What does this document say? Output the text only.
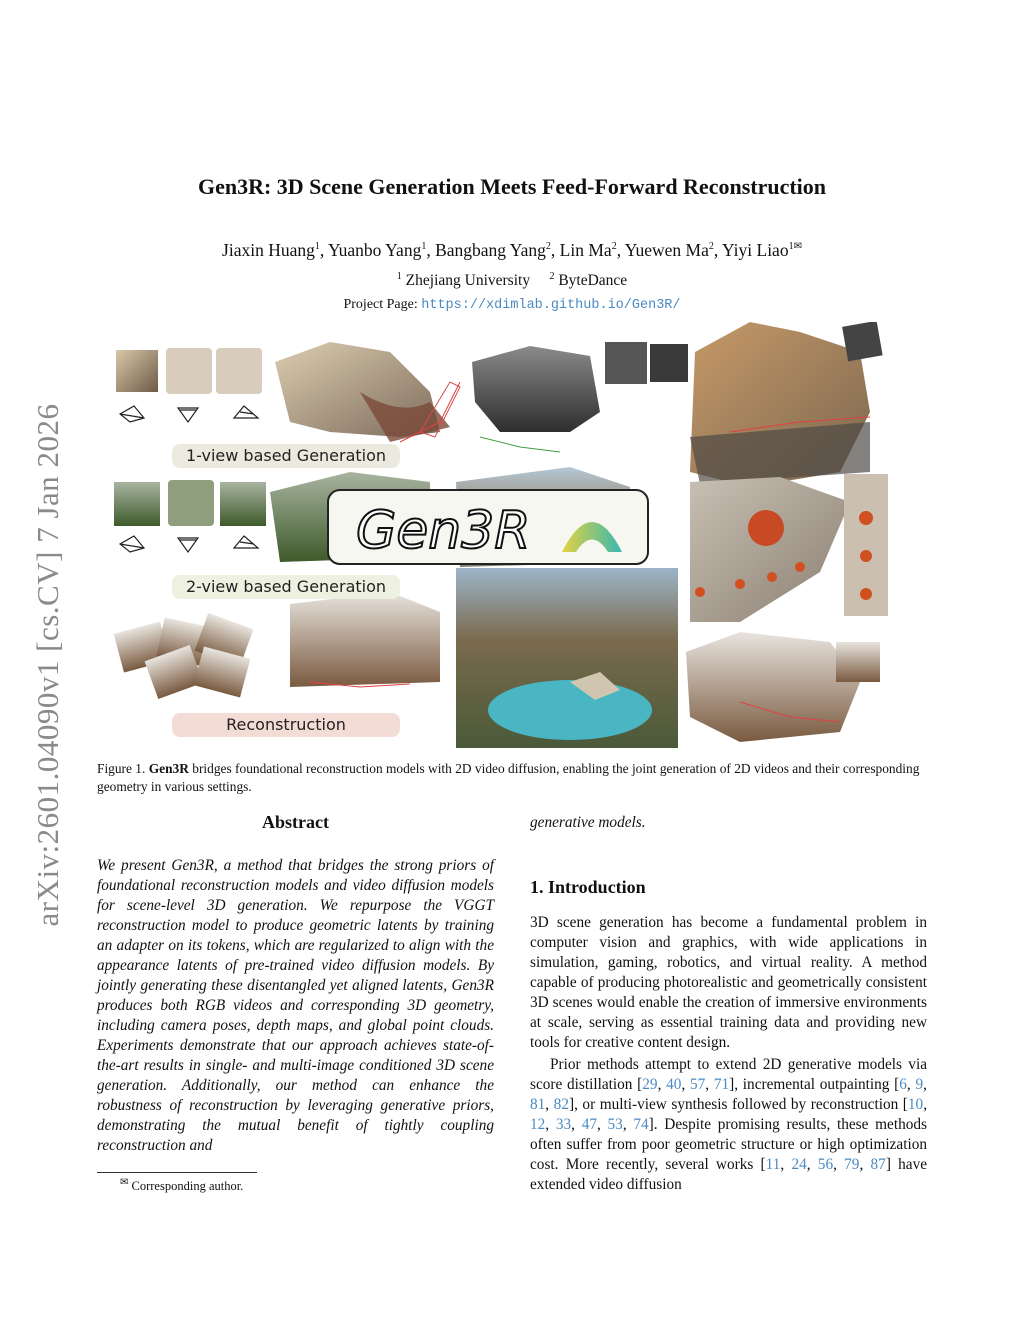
arXiv:2601.04090v1 [cs.CV] 7 Jan 2026
Gen3R: 3D Scene Generation Meets Feed-Forward Reconstruction
Jiaxin Huang$^1$, Yuanbo Yang$^1$, Bangbang Yang$^2$, Lin Ma$^2$, Yuewen Ma$^2$, Yiyi Liao$^{1✉}$
$^1$ Zhejiang University $^2$ ByteDance
Project Page: https://xdimlab.github.io/Gen3R/
Gen3R
1-view based Generation
2-view based Generation
Reconstruction
Figure 1. Gen3R bridges foundational reconstruction models with 2D video diffusion, enabling the joint generation of 2D videos and their corresponding geometry in various settings.
Abstract
We present Gen3R, a method that bridges the strong priors of foundational reconstruction models and video diffusion models for scene-level 3D generation. We repurpose the VGGT reconstruction model to produce geometric latents by training an adapter on its tokens, which are regularized to align with the appearance latents of pre-trained video diffusion models. By jointly generating these disentangled yet aligned latents, Gen3R produces both RGB videos and corresponding 3D geometry, including camera poses, depth maps, and global point clouds. Experiments demonstrate that our approach achieves state-of-the-art results in single- and multi-image conditioned 3D scene generation. Additionally, our method can enhance the robustness of reconstruction by leveraging generative priors, demonstrating the mutual benefit of tightly coupling reconstruction and
generative models.
1. Introduction
3D scene generation has become a fundamental problem in computer vision and graphics, with wide applications in simulation, gaming, robotics, and virtual reality. A method capable of producing photorealistic and geometrically consistent 3D scenes would enable the creation of immersive environments at scale, serving as essential training data and providing new tools for creative content design.
Prior methods attempt to extend 2D generative models via score distillation [29, 40, 57, 71], incremental outpainting [6, 9, 81, 82], or multi-view synthesis followed by reconstruction [10, 12, 33, 47, 53, 74]. Despite promising results, these methods often suffer from poor geometric structure or high optimization cost. More recently, several works [11, 24, 56, 79, 87] have extended video diffusion
✉ Corresponding author.
